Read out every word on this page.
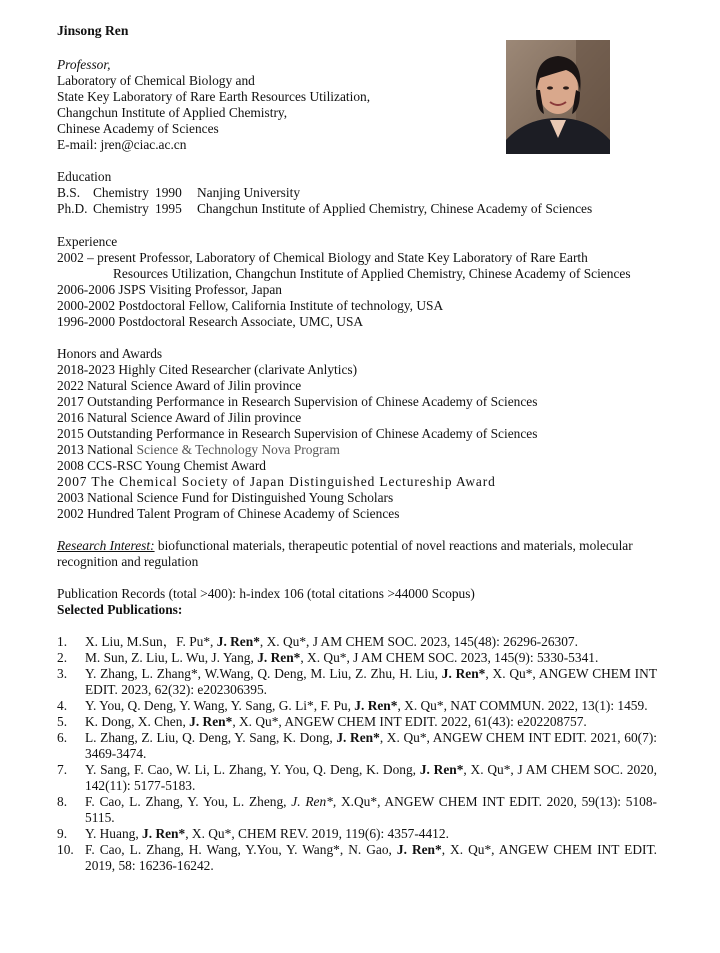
Jinsong Ren
Professor,
Laboratory of Chemical Biology and
State Key Laboratory of Rare Earth Resources Utilization,
Changchun Institute of Applied Chemistry,
Chinese Academy of Sciences
E-mail: jren@ciac.ac.cn
Education
B.S. Chemistry 1990 Nanjing University
Ph.D. Chemistry 1995 Changchun Institute of Applied Chemistry, Chinese Academy of Sciences
Experience
2002 – present Professor, Laboratory of Chemical Biology and State Key Laboratory of Rare Earth
Resources Utilization, Changchun Institute of Applied Chemistry, Chinese Academy of Sciences
2006-2006 JSPS Visiting Professor, Japan
2000-2002 Postdoctoral Fellow, California Institute of technology, USA
1996-2000 Postdoctoral Research Associate, UMC, USA
Honors and Awards
2018-2023 Highly Cited Researcher (clarivate Anlytics)
2022 Natural Science Award of Jilin province
2017 Outstanding Performance in Research Supervision of Chinese Academy of Sciences
2016 Natural Science Award of Jilin province
2015 Outstanding Performance in Research Supervision of Chinese Academy of Sciences
2013 National Science & Technology Nova Program
2008 CCS-RSC Young Chemist Award
2007 The Chemical Society of Japan Distinguished Lectureship Award
2003 National Science Fund for Distinguished Young Scholars
2002 Hundred Talent Program of Chinese Academy of Sciences
Research Interest: biofunctional materials, therapeutic potential of novel reactions and materials, molecular recognition and regulation
Publication Records (total >400): h-index 106 (total citations >44000 Scopus)
Selected Publications:
1.	X. Liu, M.Sun，F. Pu*, J. Ren*, X. Qu*, J AM CHEM SOC. 2023, 145(48): 26296-26307.
2.	M. Sun, Z. Liu, L. Wu, J. Yang, J. Ren*, X. Qu*, J AM CHEM SOC. 2023, 145(9): 5330-5341.
3.	Y. Zhang, L. Zhang*, W.Wang, Q. Deng, M. Liu, Z. Zhu, H. Liu, J. Ren*, X. Qu*, ANGEW CHEM INT EDIT. 2023, 62(32): e202306395.
4.	Y. You, Q. Deng, Y. Wang, Y. Sang, G. Li*, F. Pu, J. Ren*, X. Qu*, NAT COMMUN. 2022, 13(1): 1459.
5.	K. Dong, X. Chen, J. Ren*, X. Qu*, ANGEW CHEM INT EDIT. 2022, 61(43): e202208757.
6.	L. Zhang, Z. Liu, Q. Deng, Y. Sang, K. Dong, J. Ren*, X. Qu*, ANGEW CHEM INT EDIT. 2021, 60(7): 3469-3474.
7.	Y. Sang, F. Cao, W. Li, L. Zhang, Y. You, Q. Deng, K. Dong, J. Ren*, X. Qu*, J AM CHEM SOC. 2020, 142(11): 5177-5183.
8.	F. Cao, L. Zhang, Y. You, L. Zheng, J. Ren*, X.Qu*, ANGEW CHEM INT EDIT. 2020, 59(13): 5108-5115.
9.	Y. Huang, J. Ren*, X. Qu*, CHEM REV. 2019, 119(6): 4357-4412.
10. F. Cao, L. Zhang, H. Wang, Y.You, Y. Wang*, N. Gao, J. Ren*, X. Qu*, ANGEW CHEM INT EDIT. 2019, 58: 16236-16242.
